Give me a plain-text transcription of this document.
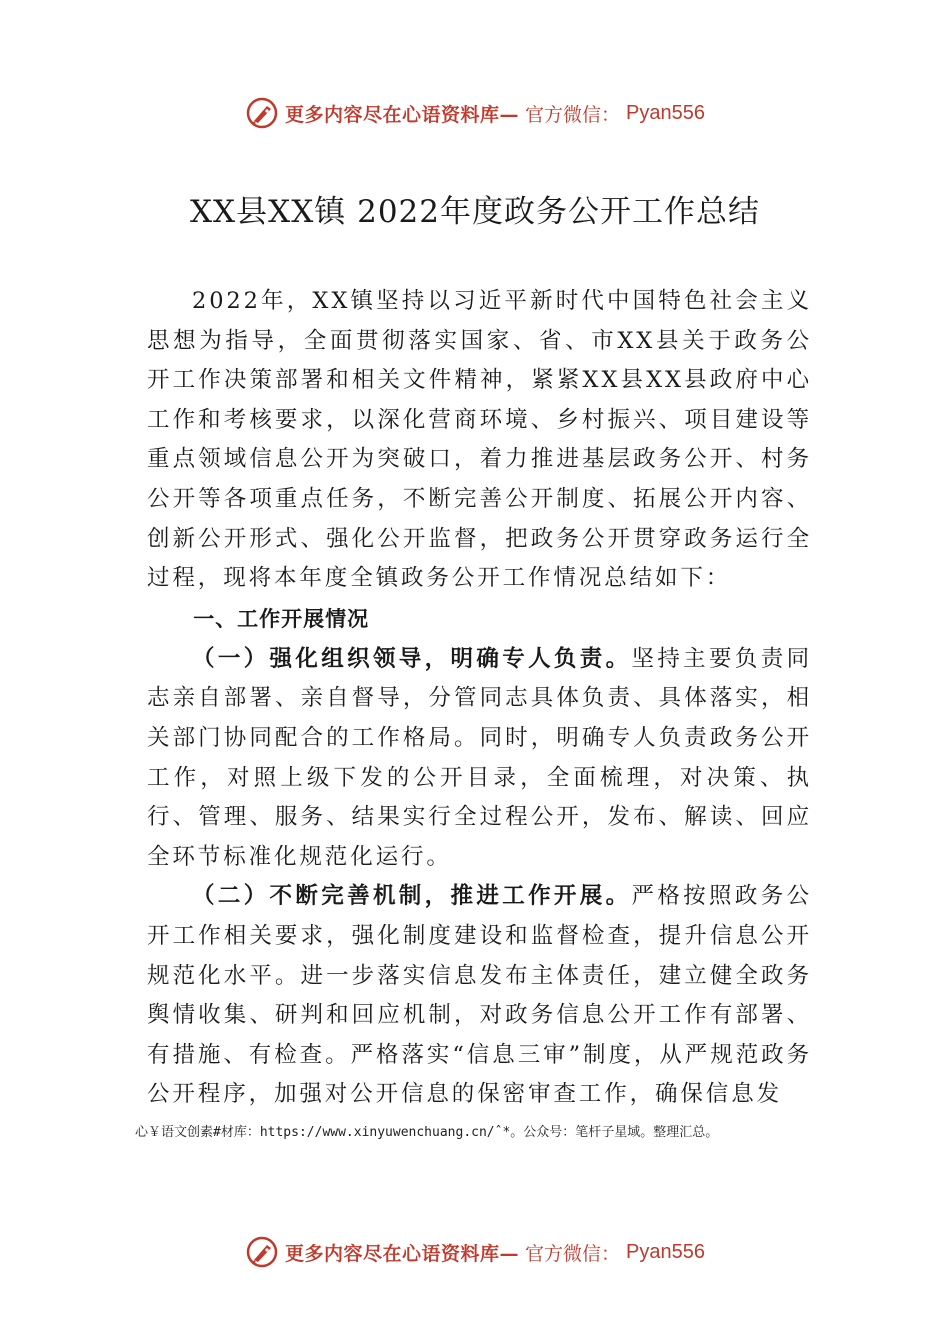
更多内容尽在心语资料库— 官方微信： Pyan556
XX县XX镇 2022年度政务公开工作总结

2022年，XX镇坚持以习近平新时代中国特色社会主义思想为指导，全面贯彻落实国家、省、市XX县关于政务公开工作决策部署和相关文件精神，紧紧XX县XX县政府中心工作和考核要求，以深化营商环境、乡村振兴、项目建设等重点领域信息公开为突破口，着力推进基层政务公开、村务公开等各项重点任务，不断完善公开制度、拓展公开内容、 创新公开形式、强化公开监督，把政务公开贯穿政务运行全过程，现将本年度全镇政务公开工作情况总结如下：

一、工作开展情况

（一）强化组织领导，明确专人负责。坚持主要负责同志亲自部署、亲自督导，分管同志具体负责、具体落实，相关部门协同配合的工作格局。同时，明确专人负责政务公开工作，对照上级下发的公开目录，全面梳理，对决策、执行、管理、服务、结果实行全过程公开，发布、解读、回应全环节标准化规范化运行。

（二）不断完善机制，推进工作开展。严格按照政务公开工作相关要求，强化制度建设和监督检查，提升信息公开规范化水平。进一步落实信息发布主体责任，建立健全政务舆情收集、研判和回应机制，对政务信息公开工作有部署、 有措施、有检查。严格落实“信息三审”制度，从严规范政务公开程序，加强对公开信息的保密审查工作，确保信息发

心￥语文创素#材库：https://www.xinyuwenchuang.cn/ˆ*。公众号：笔杆子星域。整理汇总。
更多内容尽在心语资料库— 官方微信： Pyan556
